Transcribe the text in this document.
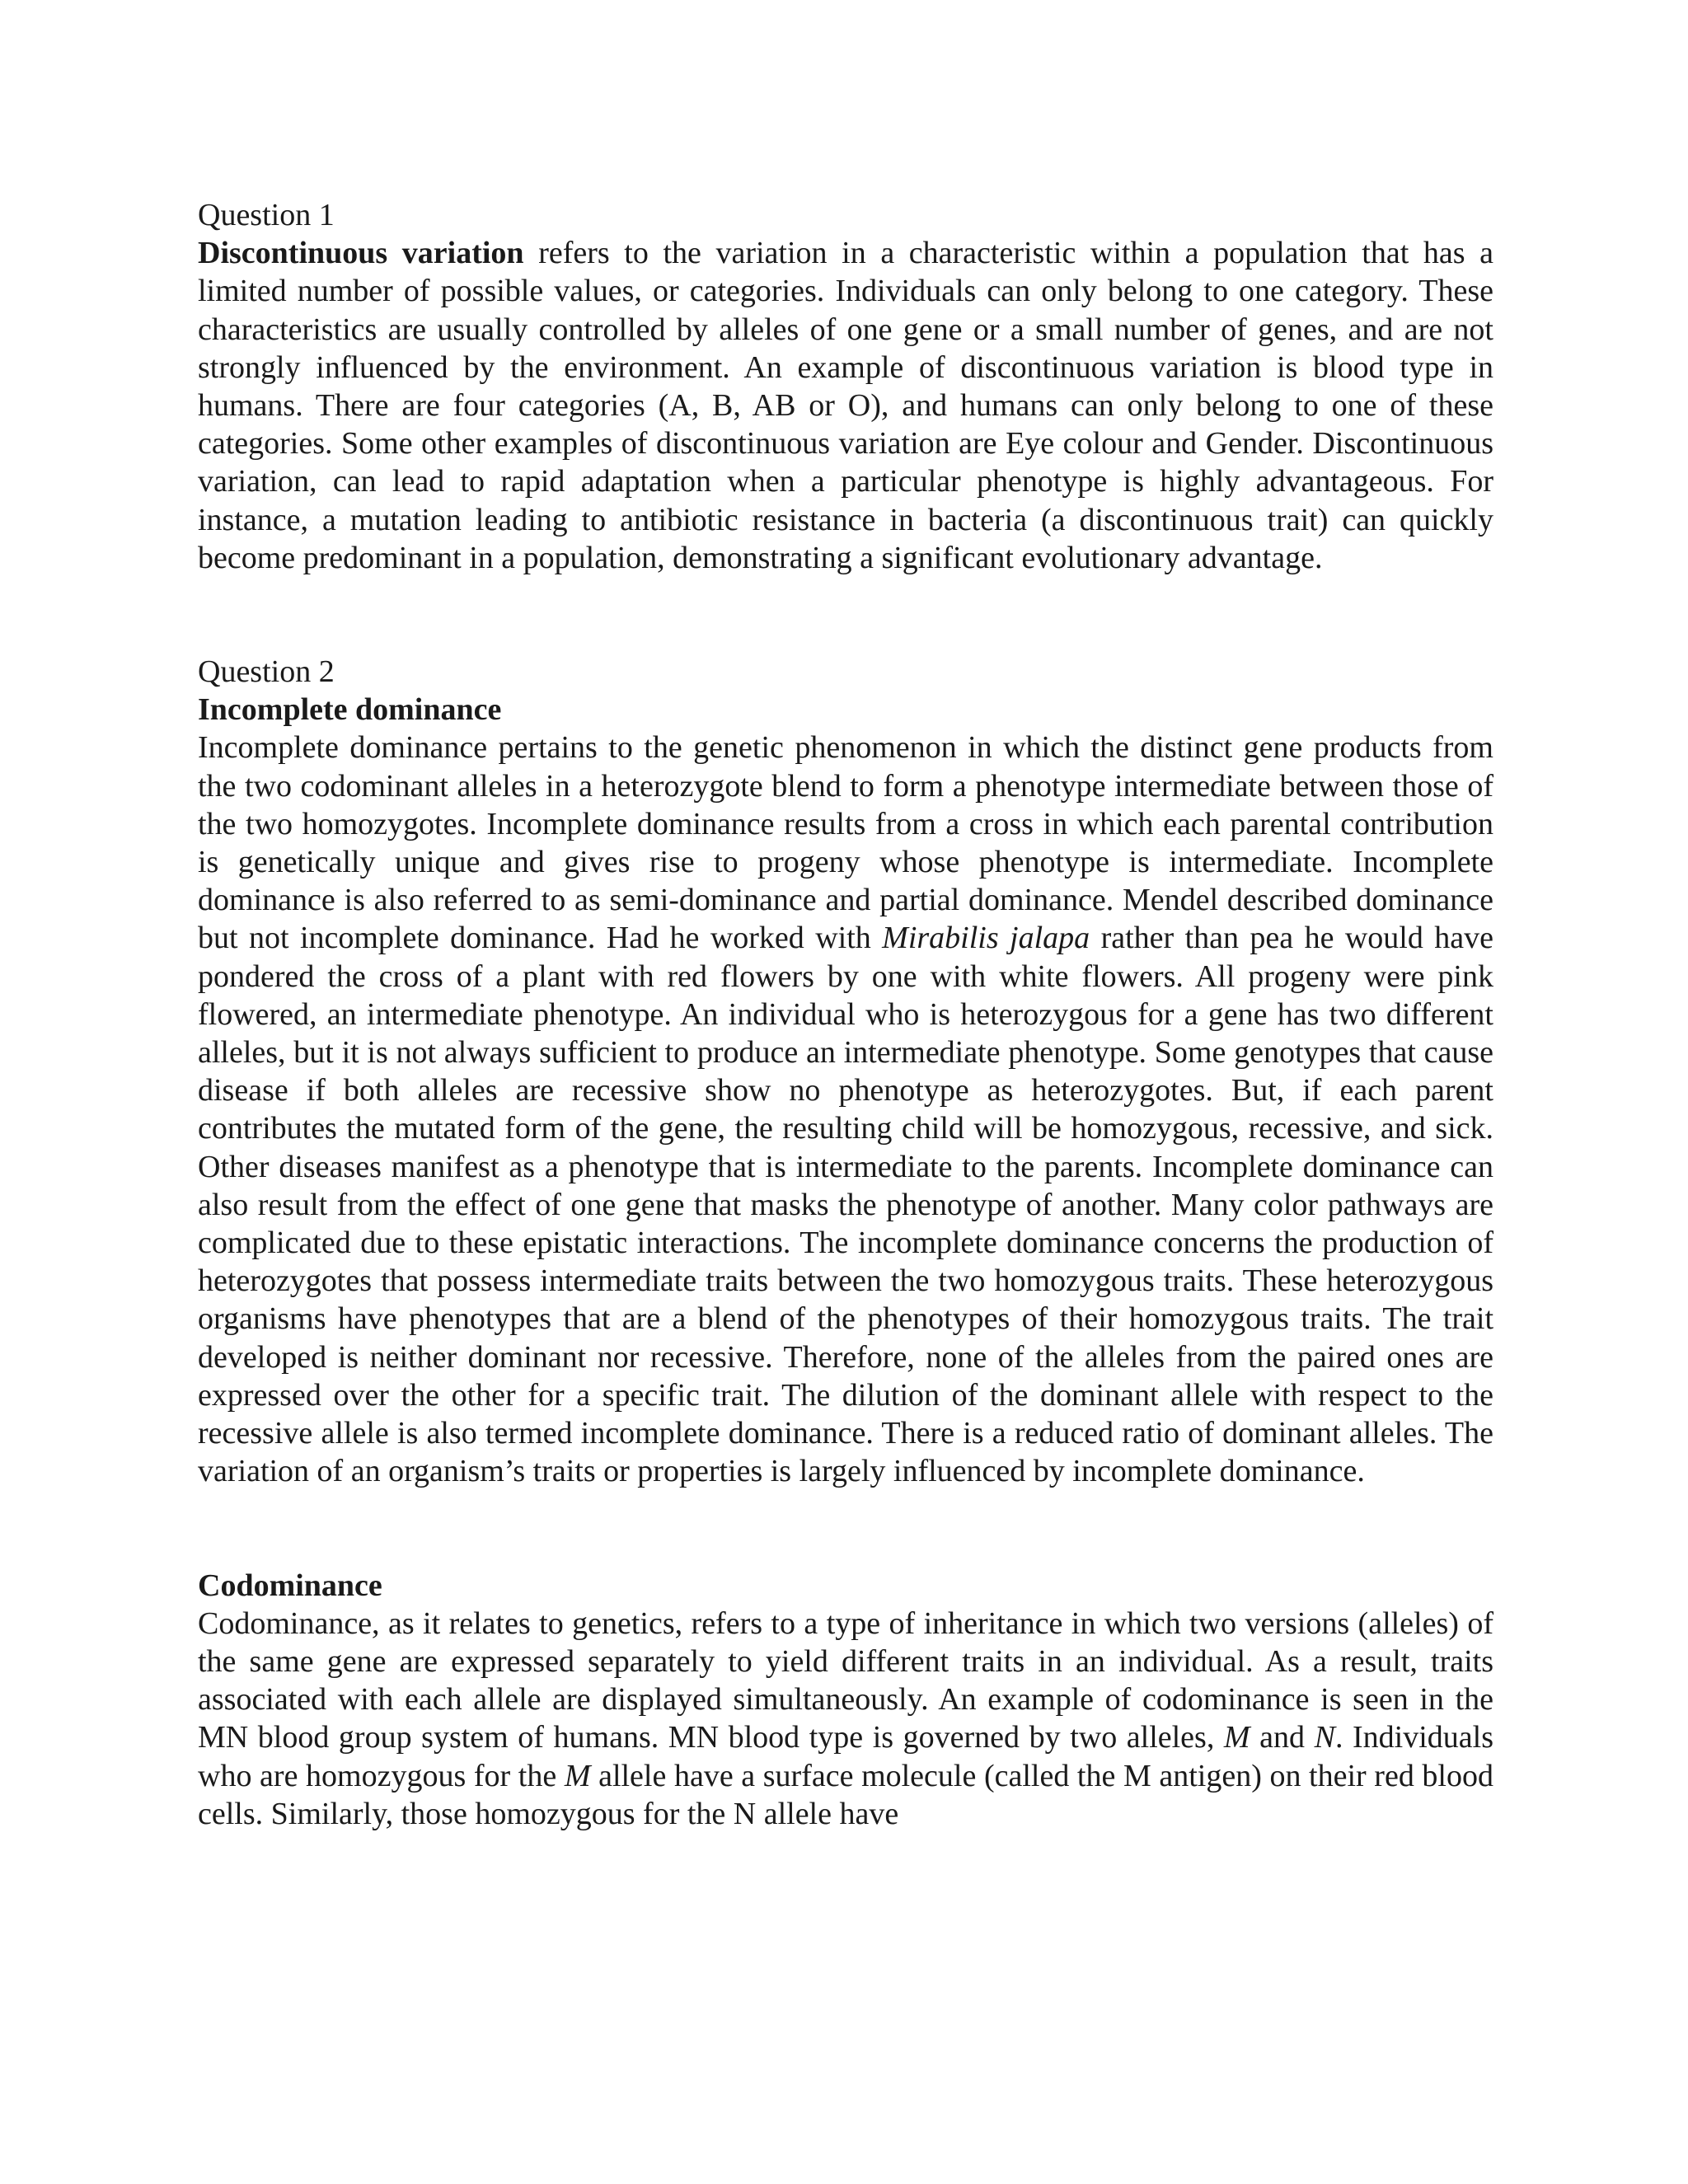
Question 1

Discontinuous variation refers to the variation in a characteristic within a population that has a limited number of possible values, or categories. Individuals can only belong to one category. These characteristics are usually controlled by alleles of one gene or a small number of genes, and are not strongly influenced by the environment. An example of discontinuous variation is blood type in humans. There are four categories (A, B, AB or O), and humans can only belong to one of these categories. Some other examples of discontinuous variation are Eye colour and Gender. Discontinuous variation, can lead to rapid adaptation when a particular phenotype is highly advantageous. For instance, a mutation leading to antibiotic resistance in bacteria (a discontinuous trait) can quickly become predominant in a population, demonstrating a significant evolutionary advantage.

Question 2

Incomplete dominance

Incomplete dominance pertains to the genetic phenomenon in which the distinct gene products from the two codominant alleles in a heterozygote blend to form a phenotype intermediate between those of the two homozygotes. Incomplete dominance results from a cross in which each parental contribution is genetically unique and gives rise to progeny whose phenotype is intermediate. Incomplete dominance is also referred to as semi-dominance and partial dominance. Mendel described dominance but not incomplete dominance. Had he worked with Mirabilis jalapa rather than pea he would have pondered the cross of a plant with red flowers by one with white flowers. All progeny were pink flowered, an intermediate phenotype. An individual who is heterozygous for a gene has two different alleles, but it is not always sufficient to produce an intermediate phenotype. Some genotypes that cause disease if both alleles are recessive show no phenotype as heterozygotes. But, if each parent contributes the mutated form of the gene, the resulting child will be homozygous, recessive, and sick. Other diseases manifest as a phenotype that is intermediate to the parents. Incomplete dominance can also result from the effect of one gene that masks the phenotype of another. Many color pathways are complicated due to these epistatic interactions. The incomplete dominance concerns the production of heterozygotes that possess intermediate traits between the two homozygous traits. These heterozygous organisms have phenotypes that are a blend of the phenotypes of their homozygous traits. The trait developed is neither dominant nor recessive. Therefore, none of the alleles from the paired ones are expressed over the other for a specific trait. The dilution of the dominant allele with respect to the recessive allele is also termed incomplete dominance. There is a reduced ratio of dominant alleles. The variation of an organism’s traits or properties is largely influenced by incomplete dominance.

Codominance

Codominance, as it relates to genetics, refers to a type of inheritance in which two versions (alleles) of the same gene are expressed separately to yield different traits in an individual. As a result, traits associated with each allele are displayed simultaneously. An example of codominance is seen in the MN blood group system of humans. MN blood type is governed by two alleles, M and N. Individuals who are homozygous for the M allele have a surface molecule (called the M antigen) on their red blood cells. Similarly, those homozygous for the N allele have
